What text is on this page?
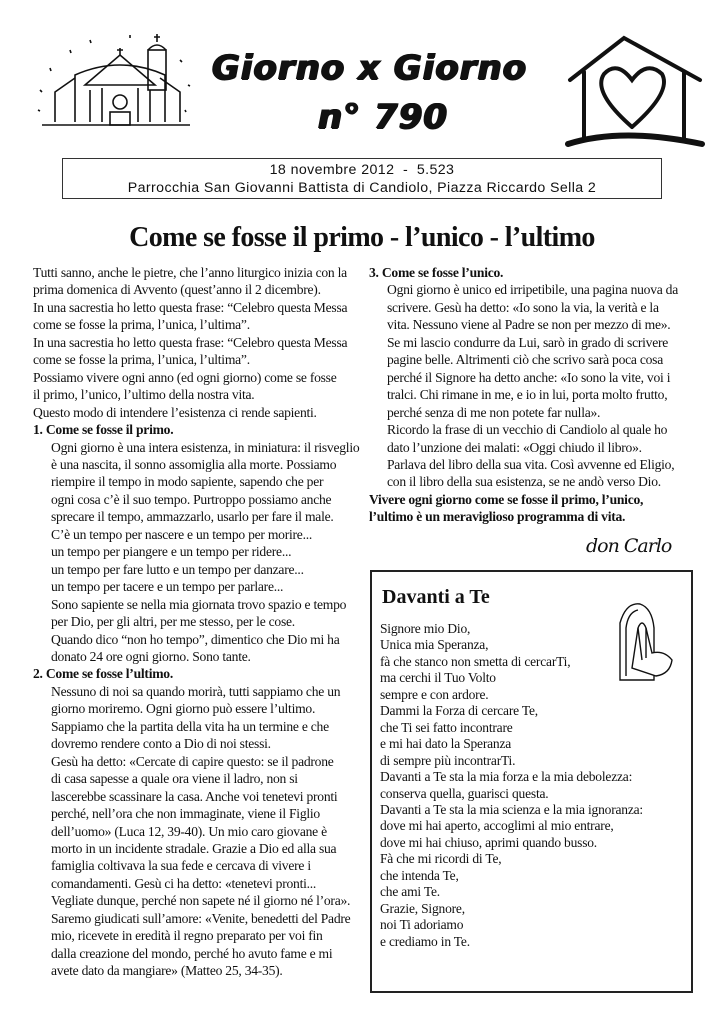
Giorno x Giorno
n° 790
18 novembre 2012  -  5.523
Parrocchia San Giovanni Battista di Candiolo, Piazza Riccardo Sella 2
Come se fosse il primo - l’unico - l’ultimo
Tutti sanno, anche le pietre, che l’anno liturgico inizia con la
prima domenica di Avvento (quest’anno il 2 dicembre).
In una sacrestia ho letto questa frase: “Celebro questa Messa
come se fosse la prima, l’unica, l’ultima”.
In una sacrestia ho letto questa frase: “Celebro questa Messa
come se fosse la prima, l’unica, l’ultima”.
Possiamo vivere ogni anno (ed ogni giorno) come se fosse
il primo, l’unico, l’ultimo della nostra vita.
Questo modo di intendere l’esistenza ci rende sapienti.
1. Come se fosse il primo.
Ogni giorno è una intera esistenza, in miniatura: il risveglio
è una nascita, il sonno assomiglia alla morte. Possiamo
riempire il tempo in modo sapiente, sapendo che per
ogni cosa c’è il suo tempo. Purtroppo possiamo anche
sprecare il tempo, ammazzarlo, usarlo per fare il male.
C’è un tempo per nascere e un tempo per morire...
un tempo per piangere e un tempo per ridere...
un tempo per fare lutto e un tempo per danzare...
un tempo per tacere e un tempo per parlare...
Sono sapiente se nella mia giornata trovo spazio e tempo
per Dio, per gli altri, per me stesso, per le cose.
Quando dico “non ho tempo”, dimentico che Dio mi ha
donato 24 ore ogni giorno. Sono tante.
2. Come se fosse l’ultimo.
Nessuno di noi sa quando morirà, tutti sappiamo che un
giorno moriremo. Ogni giorno può essere l’ultimo.
Sappiamo che la partita della vita ha un termine e che
dovremo rendere conto a Dio di noi stessi.
Gesù ha detto: «Cercate di capire questo: se il padrone
di casa sapesse a quale ora viene il ladro, non si
lascerebbe scassinare la casa. Anche voi tenetevi pronti
perché, nell’ora che non immaginate, viene il Figlio
dell’uomo» (Luca 12, 39-40). Un mio caro giovane è
morto in un incidente stradale. Grazie a Dio ed alla sua
famiglia coltivava la sua fede e cercava di vivere i
comandamenti. Gesù ci ha detto: «tenetevi pronti...
Vegliate dunque, perché non sapete né il giorno né l’ora».
Saremo giudicati sull’amore: «Venite, benedetti del Padre
mio, ricevete in eredità il regno preparato per voi fin
dalla creazione del mondo, perché ho avuto fame e mi
avete dato da mangiare» (Matteo 25, 34-35).
3. Come se fosse l’unico.
Ogni giorno è unico ed irripetibile, una pagina nuova da
scrivere. Gesù ha detto: «Io sono la via, la verità e la
vita. Nessuno viene al Padre se non per mezzo di me».
Se mi lascio condurre da Lui, sarò in grado di scrivere
pagine belle. Altrimenti ciò che scrivo sarà poca cosa
perché il Signore ha detto anche: «Io sono la vite, voi i
tralci. Chi rimane in me, e io in lui, porta molto frutto,
perché senza di me non potete far nulla».
Ricordo la frase di un vecchio di Candiolo al quale ho
dato l’unzione dei malati: «Oggi chiudo il libro».
Parlava del libro della sua vita. Così avvenne ed Eligio,
con il libro della sua esistenza, se ne andò verso Dio.
Vivere ogni giorno come se fosse il primo, l’unico,
l’ultimo è un meraviglioso programma di vita.
don Carlo
Davanti a Te
Signore mio Dio,
Unica mia Speranza,
fà che stanco non smetta di cercarTi,
ma cerchi il Tuo Volto
sempre e con ardore.
Dammi la Forza di cercare Te,
che Ti sei fatto incontrare
e mi hai dato la Speranza
di sempre più incontrarTi.
Davanti a Te sta la mia forza e la mia debolezza:
conserva quella, guarisci questa.
Davanti a Te sta la mia scienza e la mia ignoranza:
dove mi hai aperto, accoglimi al mio entrare,
dove mi hai chiuso, aprimi quando busso.
Fà che mi ricordi di Te,
che intenda Te,
che ami Te.
Grazie, Signore,
noi Ti adoriamo
e crediamo in Te.
